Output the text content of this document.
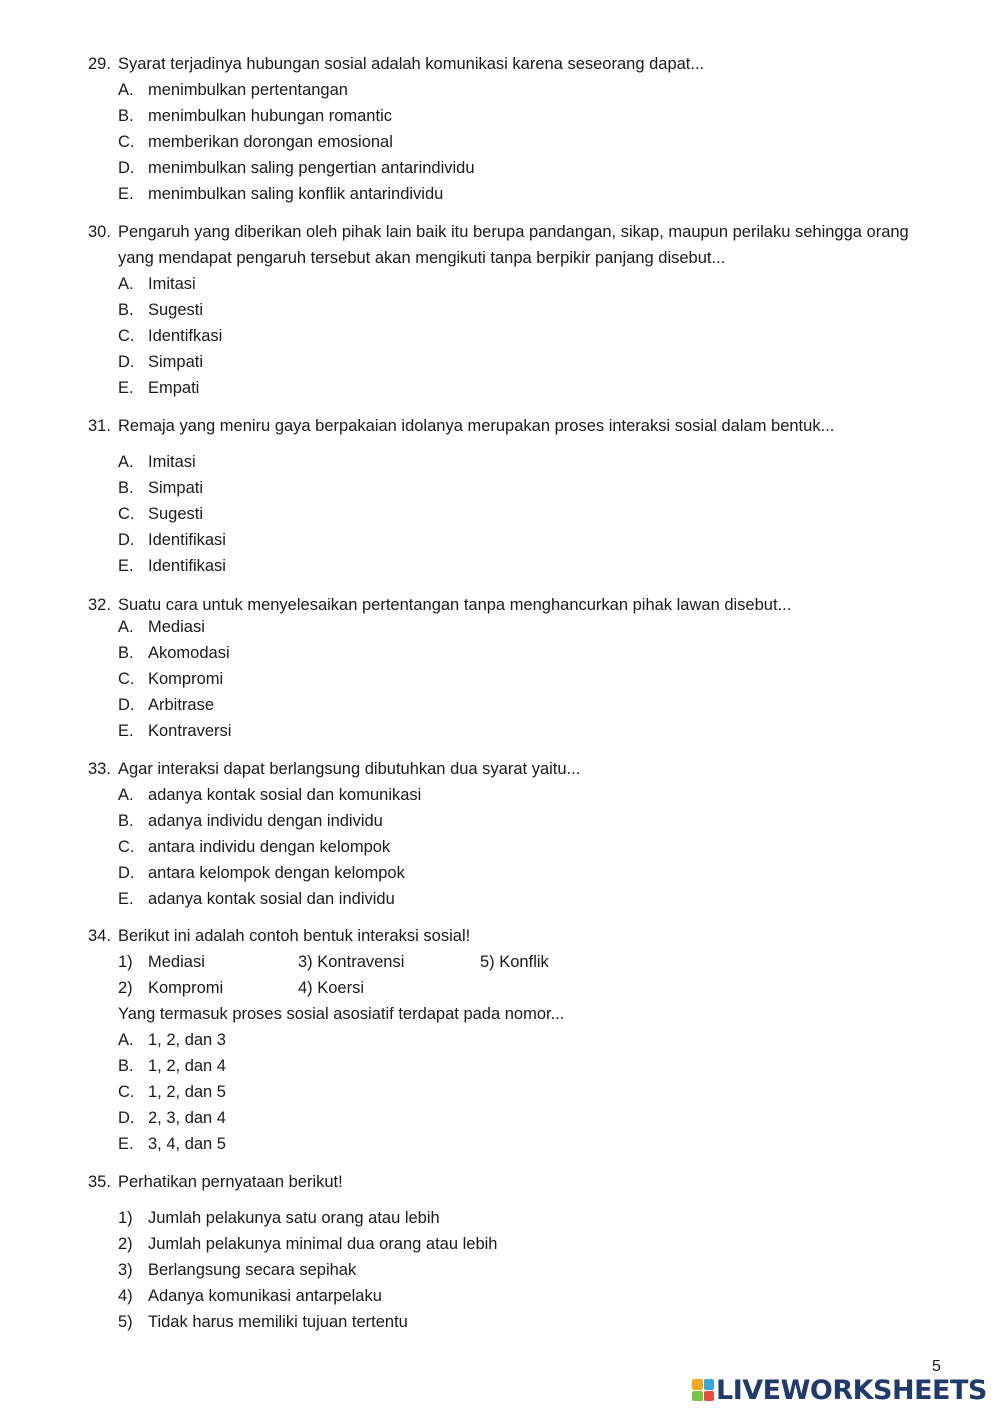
29. Syarat terjadinya hubungan sosial adalah komunikasi karena seseorang dapat...
A. menimbulkan pertentangan
B. menimbulkan hubungan romantic
C. memberikan dorongan emosional
D. menimbulkan saling pengertian antarindividu
E. menimbulkan saling konflik antarindividu
30. Pengaruh yang diberikan oleh pihak lain baik itu berupa pandangan, sikap, maupun perilaku sehingga orang yang mendapat pengaruh tersebut akan mengikuti tanpa berpikir panjang disebut...
A. Imitasi
B. Sugesti
C. Identifkasi
D. Simpati
E. Empati
31. Remaja yang meniru gaya berpakaian idolanya merupakan proses interaksi sosial dalam bentuk...
A. Imitasi
B. Simpati
C. Sugesti
D. Identifikasi
E. Identifikasi
32. Suatu cara untuk menyelesaikan pertentangan tanpa menghancurkan pihak lawan disebut...
A. Mediasi
B. Akomodasi
C. Kompromi
D. Arbitrase
E. Kontraversi
33. Agar interaksi dapat berlangsung dibutuhkan dua syarat yaitu...
A. adanya kontak sosial dan komunikasi
B. adanya individu dengan individu
C. antara individu dengan kelompok
D. antara kelompok dengan kelompok
E. adanya kontak sosial dan individu
34. Berikut ini adalah contoh bentuk interaksi sosial!
1) Mediasi	3) Kontravensi	5) Konflik
2) Kompromi	4) Koersi
Yang termasuk proses sosial asosiatif terdapat pada nomor...
A. 1, 2, dan 3
B. 1, 2, dan 4
C. 1, 2, dan 5
D. 2, 3, dan 4
E. 3, 4, dan 5
35. Perhatikan pernyataan berikut!
1) Jumlah pelakunya satu orang atau lebih
2) Jumlah pelakunya minimal dua orang atau lebih
3) Berlangsung secara sepihak
4) Adanya komunikasi antarpelaku
5) Tidak harus memiliki tujuan tertentu
5
LIVEWORKSHEETS
